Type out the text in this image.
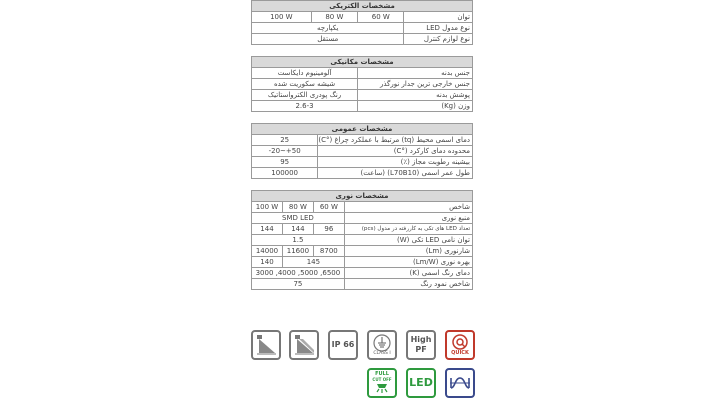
مشخصات الکتریکی			
100 W	80 W	60 W	توان
یکپارچه			نوع مدول LED
مستقل			نوع لوازم کنترل
مشخصات مکانیکی	
آلومینیوم دایکاست	جنس بدنه
شیشه سکوریت شده	جنس خارجی ترین جدار نورگذر
رنگ پودری الکترواستاتیک	پوشش بدنه
2.6-3	وزن (Kg)
مشخصات عمومی	
25	دمای اسمی محیط (tq) مرتبط با عملکرد چراغ (°C)
-20~+50	محدوده دمای کارکرد (°C)
95	بیشینه رطوبت مجاز (٪)
100000	طول عمر اسمی (L70B10) (ساعت)
مشخصات نوری			
100 W	80 W	60 W	شاخص
SMD LED			منبع نوری
144	144	96	تعداد LED های تکی به کاررفته در مدول (pcs)
1.5			توان نامی LED تکی (W)
14000	11600	8700	شارنوری (Lm)
140	145		بهره نوری (Lm/W)
3000 ,4000 ,5000 ,6500			دمای رنگ اسمی (K)
75			شاخص نمود رنگ
IP 66
CLASS I
High
PF	QUICK
FULL
CUT OFF	LED
